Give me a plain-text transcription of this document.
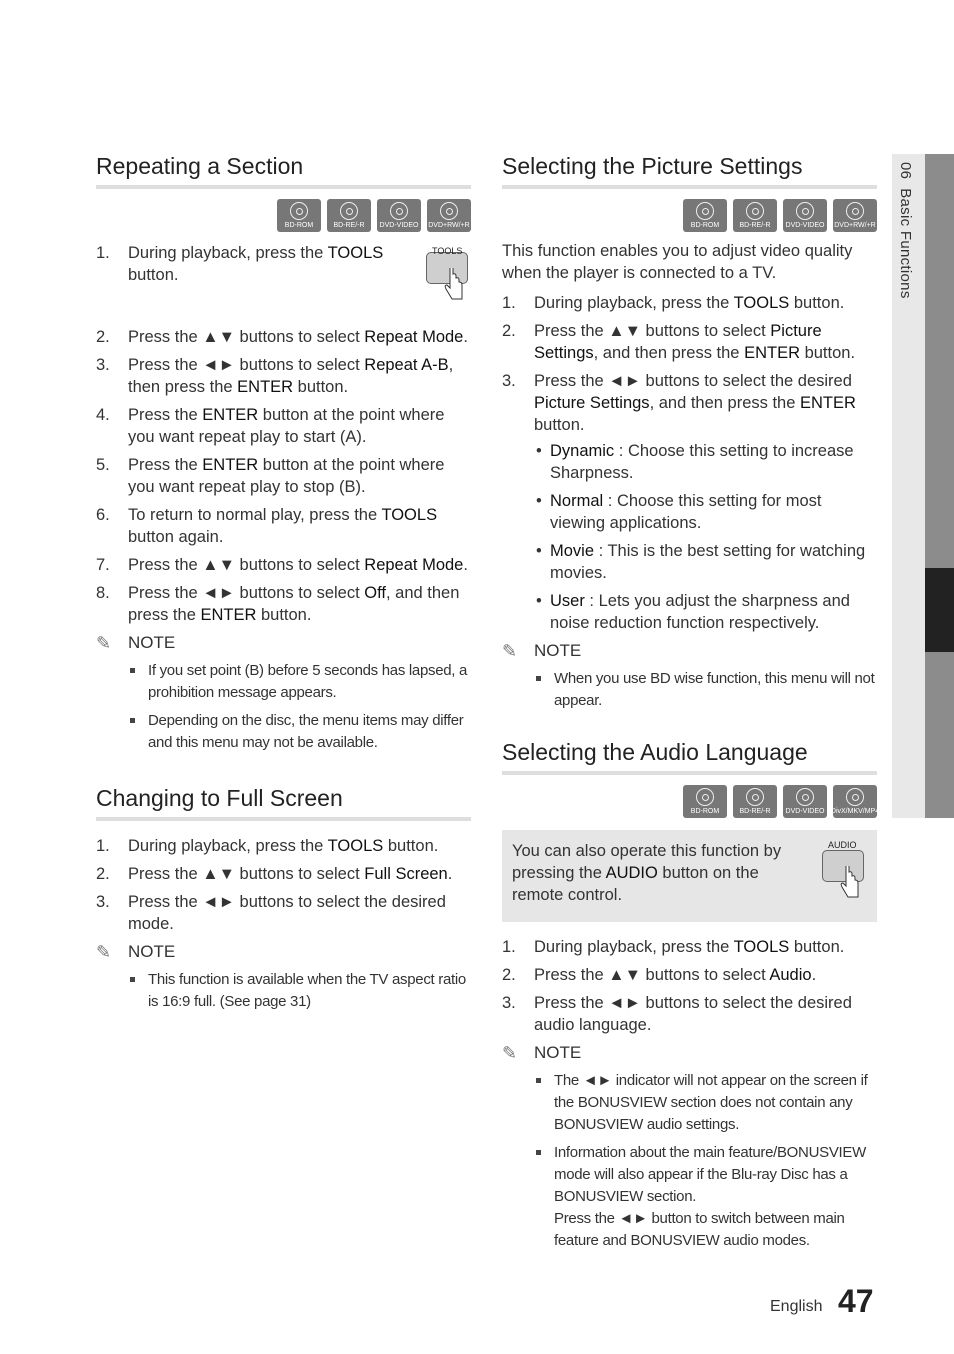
06  Basic Functions
Repeating a Section
BD-ROM	BD-RE/-R DVD-VIDEO DVD+RW/+R
1. During playback, press the TOOLS button.
2. Press the ▲▼ buttons to select Repeat Mode.
3. Press the ◄► buttons to select Repeat A-B, then press the ENTER button.
4. Press the ENTER button at the point where you want repeat play to start (A).
5. Press the ENTER button at the point where you want repeat play to stop (B).
6. To return to normal play, press the TOOLS button again.
7. Press the ▲▼ buttons to select Repeat Mode.
8. Press the ◄► buttons to select Off, and then press the ENTER button.
TOOLS
✎ NOTE
If you set point (B) before 5 seconds has lapsed, a prohibition message appears.
Depending on the disc, the menu items may differ and this menu may not be available.
Changing to Full Screen
1. During playback, press the TOOLS button.
2. Press the ▲▼ buttons to select Full Screen.
3. Press the ◄► buttons to select the desired mode.
✎ NOTE
This function is available when the TV aspect ratio is 16:9 full. (See page 31)
Selecting the Picture Settings
BD-ROM	BD-RE/-R DVD-VIDEO DVD+RW/+R

This function enables you to adjust video quality when the player is connected to a TV.

1. During playback, press the TOOLS button.
2. Press the ▲▼ buttons to select Picture Settings, and then press the ENTER button.
3. Press the ◄► buttons to select the desired Picture Settings, and then press the ENTER button.
• Dynamic : Choose this setting to increase Sharpness.
• Normal : Choose this setting for most viewing applications.
• Movie : This is the best setting for watching movies.
• User : Lets you adjust the sharpness and noise reduction function respectively.
✎ NOTE
When you use BD wise function, this menu will not appear.
Selecting the Audio Language
BD-ROM	BD-RE/-R DVD-VIDEO DivX/MKV/MP4

You can also operate this function by pressing the AUDIO button on the remote control.

AUDIO
1. During playback, press the TOOLS button.
2. Press the ▲▼ buttons to select Audio.
3. Press the ◄► buttons to select the desired audio language.
✎ NOTE
The ◄► indicator will not appear on the screen if the BONUSVIEW section does not contain any BONUSVIEW audio settings.
Information about the main feature/BONUSVIEW mode will also appear if the Blu-ray Disc has a BONUSVIEW section.
Press the ◄► button to switch between main feature and BONUSVIEW audio modes.
English 47
